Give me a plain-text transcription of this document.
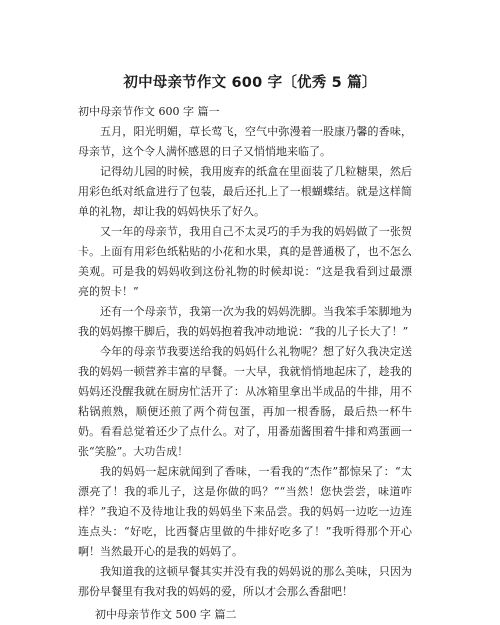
初中母亲节作文 600 字〔优秀 5 篇〕
初中母亲节作文 600 字 篇一

五月，阳光明媚，草长莺飞，空气中弥漫着一股康乃馨的香味，母亲节，这个令人满怀感恩的日子又悄悄地来临了。

记得幼儿园的时候，我用废弃的纸盒在里面装了几粒糖果，然后用彩色纸对纸盒进行了包装，最后还扎上了一根蝴蝶结。就是这样简单的礼物，却让我的妈妈快乐了好久。

又一年的母亲节，我用自己不太灵巧的手为我的妈妈做了一张贺卡。上面有用彩色纸粘贴的小花和水果，真的是普通极了，也不怎么美观。可是我的妈妈收到这份礼物的时候却说：“这是我看到过最漂亮的贺卡！”

还有一个母亲节，我第一次为我的妈妈洗脚。当我笨手笨脚地为我的妈妈擦干脚后，我的妈妈抱着我冲动地说：“我的儿子长大了！”

今年的母亲节我要送给我的妈妈什么礼物呢？想了好久我决定送我的妈妈一顿营养丰富的早餐。一大早，我就悄悄地起床了，趁我的妈妈还没醒我就在厨房忙活开了：从冰箱里拿出半成品的牛排，用不粘锅煎熟，顺便还煎了两个荷包蛋，再加一根香肠，最后热一杯牛奶。看看总觉着还少了点什么。对了，用番茄酱围着牛排和鸡蛋画一张“笑脸”。大功告成！

我的妈妈一起床就闻到了香味，一看我的“杰作”都惊呆了：“太漂亮了！我的乖儿子，这是你做的吗？”“当然！您快尝尝，味道咋样？”我迫不及待地让我的妈妈坐下来品尝。我的妈妈一边吃一边连连点头：“好吃，比西餐店里做的牛排好吃多了！”我听得那个开心啊！当然最开心的是我的妈妈了。

我知道我的这顿早餐其实并没有我的妈妈说的那么美味，只因为那份早餐里有我对我的妈妈的爱，所以才会那么香甜吧！

初中母亲节作文 500 字 篇二
